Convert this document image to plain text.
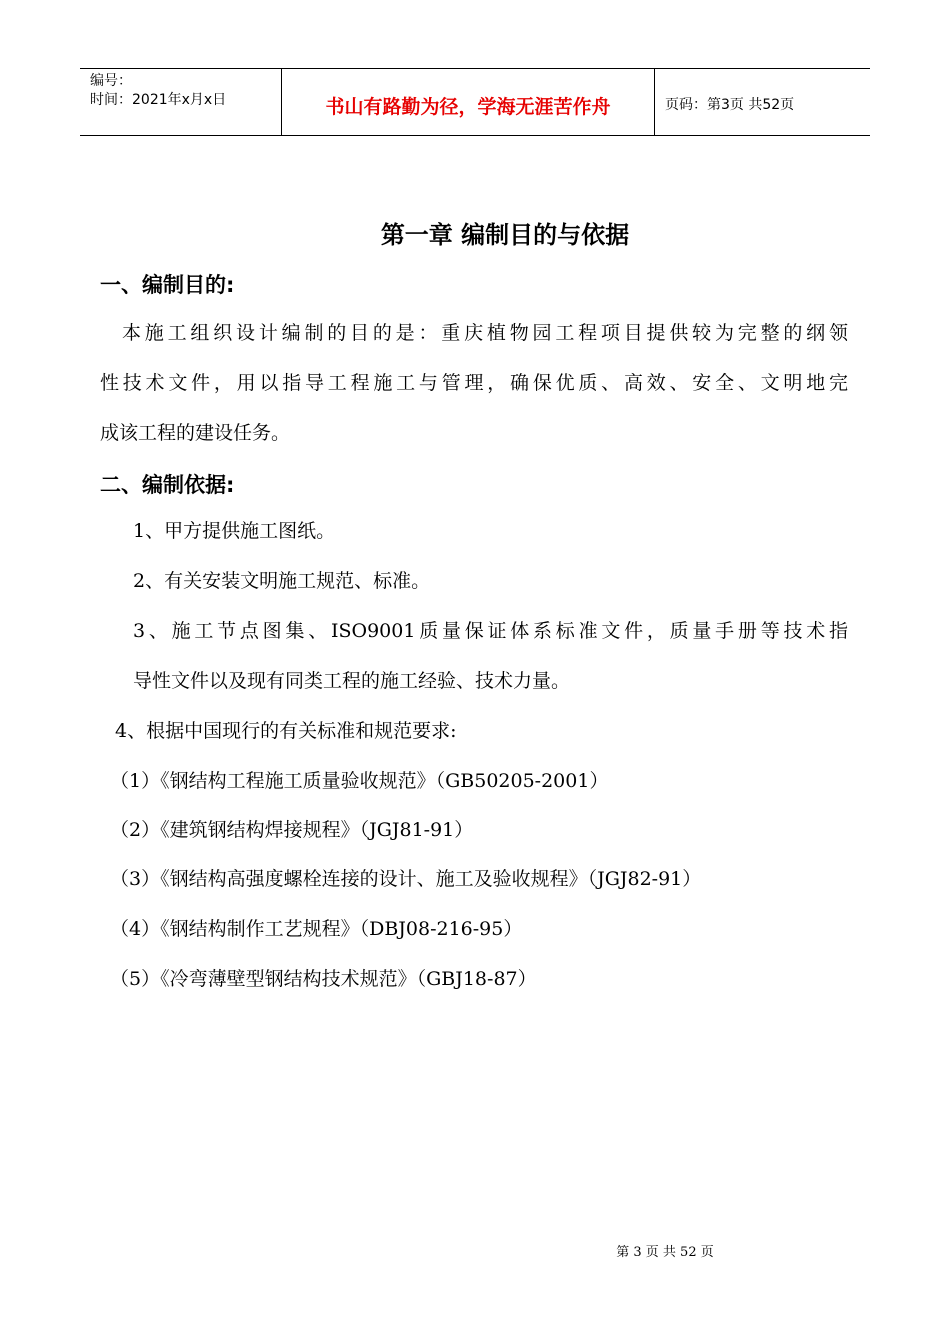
编号：
时间：2021年x月x日	书山有路勤为径，学海无涯苦作舟	页码：第3页 共52页
第一章 编制目的与依据
一、编制目的:
本施工组织设计编制的目的是：重庆植物园工程项目提供较为完整的纲领
性技术文件，用以指导工程施工与管理，确保优质、高效、安全、文明地完
成该工程的建设任务。
二、编制依据:
1、甲方提供施工图纸。
2、有关安装文明施工规范、标准。
3、施工节点图集、ISO9001质量保证体系标准文件，质量手册等技术指
导性文件以及现有同类工程的施工经验、技术力量。
4、根据中国现行的有关标准和规范要求:
（1）《钢结构工程施工质量验收规范》（GB50205-2001）
（2）《建筑钢结构焊接规程》（JGJ81-91）
（3）《钢结构高强度螺栓连接的设计、施工及验收规程》（JGJ82-91）
（4）《钢结构制作工艺规程》（DBJ08-216-95）
（5）《冷弯薄壁型钢结构技术规范》（GBJ18-87）
第 3 页 共 52 页
